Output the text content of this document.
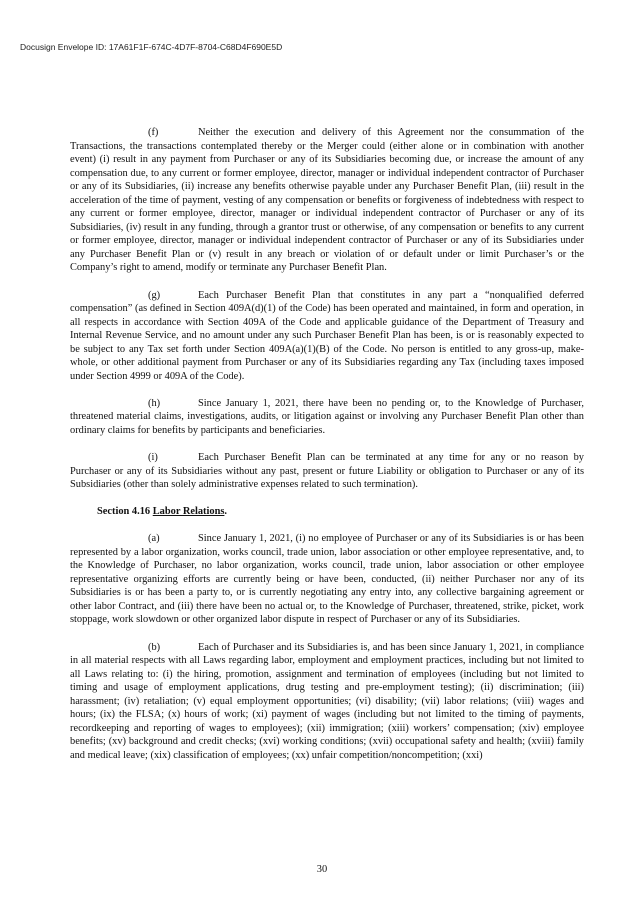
Docusign Envelope ID: 17A61F1F-674C-4D7F-8704-C68D4F690E5D

(f)	Neither the execution and delivery of this Agreement nor the consummation of the Transactions, the transactions contemplated thereby or the Merger could (either alone or in combination with another event) (i) result in any payment from Purchaser or any of its Subsidiaries becoming due, or increase the amount of any compensation due, to any current or former employee, director, manager or individual independent contractor of Purchaser or any of its Subsidiaries, (ii) increase any benefits otherwise payable under any Purchaser Benefit Plan, (iii) result in the acceleration of the time of payment, vesting of any compensation or benefits or forgiveness of indebtedness with respect to any current or former employee, director, manager or individual independent contractor of Purchaser or any of its Subsidiaries, (iv) result in any funding, through a grantor trust or otherwise, of any compensation or benefits to any current or former employee, director, manager or individual independent contractor of Purchaser or any of its Subsidiaries under any Purchaser Benefit Plan or (v) result in any breach or violation of or default under or limit Purchaser’s or the Company’s right to amend, modify or terminate any Purchaser Benefit Plan.

(g)	Each Purchaser Benefit Plan that constitutes in any part a “nonqualified deferred compensation” (as defined in Section 409A(d)(1) of the Code) has been operated and maintained, in form and operation, in all respects in accordance with Section 409A of the Code and applicable guidance of the Department of Treasury and Internal Revenue Service, and no amount under any such Purchaser Benefit Plan has been, is or is reasonably expected to be subject to any Tax set forth under Section 409A(a)(1)(B) of the Code. No person is entitled to any gross-up, make-whole, or other additional payment from Purchaser or any of its Subsidiaries regarding any Tax (including taxes imposed under Section 4999 or 409A of the Code).

(h)	Since January 1, 2021, there have been no pending or, to the Knowledge of Purchaser, threatened material claims, investigations, audits, or litigation against or involving any Purchaser Benefit Plan other than ordinary claims for benefits by participants and beneficiaries.

(i)	Each Purchaser Benefit Plan can be terminated at any time for any or no reason by Purchaser or any of its Subsidiaries without any past, present or future Liability or obligation to Purchaser or any of its Subsidiaries (other than solely administrative expenses related to such termination).

Section 4.16 Labor Relations.

(a)	Since January 1, 2021, (i) no employee of Purchaser or any of its Subsidiaries is or has been represented by a labor organization, works council, trade union, labor association or other employee representative, and, to the Knowledge of Purchaser, no labor organization, works council, trade union, labor association or other employee representative organizing efforts are currently being or have been, conducted, (ii) neither Purchaser nor any of its Subsidiaries is or has been a party to, or is currently negotiating any entry into, any collective bargaining agreement or other labor Contract, and (iii) there have been no actual or, to the Knowledge of Purchaser, threatened, strike, picket, work stoppage, work slowdown or other organized labor dispute in respect of Purchaser or any of its Subsidiaries.

(b)	Each of Purchaser and its Subsidiaries is, and has been since January 1, 2021, in compliance in all material respects with all Laws regarding labor, employment and employment practices, including but not limited to all Laws relating to: (i) the hiring, promotion, assignment and termination of employees (including but not limited to timing and usage of employment applications, drug testing and pre-employment testing); (ii) discrimination; (iii) harassment; (iv) retaliation; (v) equal employment opportunities; (vi) disability; (vii) labor relations; (viii) wages and hours; (ix) the FLSA; (x) hours of work; (xi) payment of wages (including but not limited to the timing of payments, recordkeeping and reporting of wages to employees); (xii) immigration; (xiii) workers’ compensation; (xiv) employee benefits; (xv) background and credit checks; (xvi) working conditions; (xvii) occupational safety and health; (xviii) family and medical leave; (xix) classification of employees; (xx) unfair competition/noncompetition; (xxi)

30
